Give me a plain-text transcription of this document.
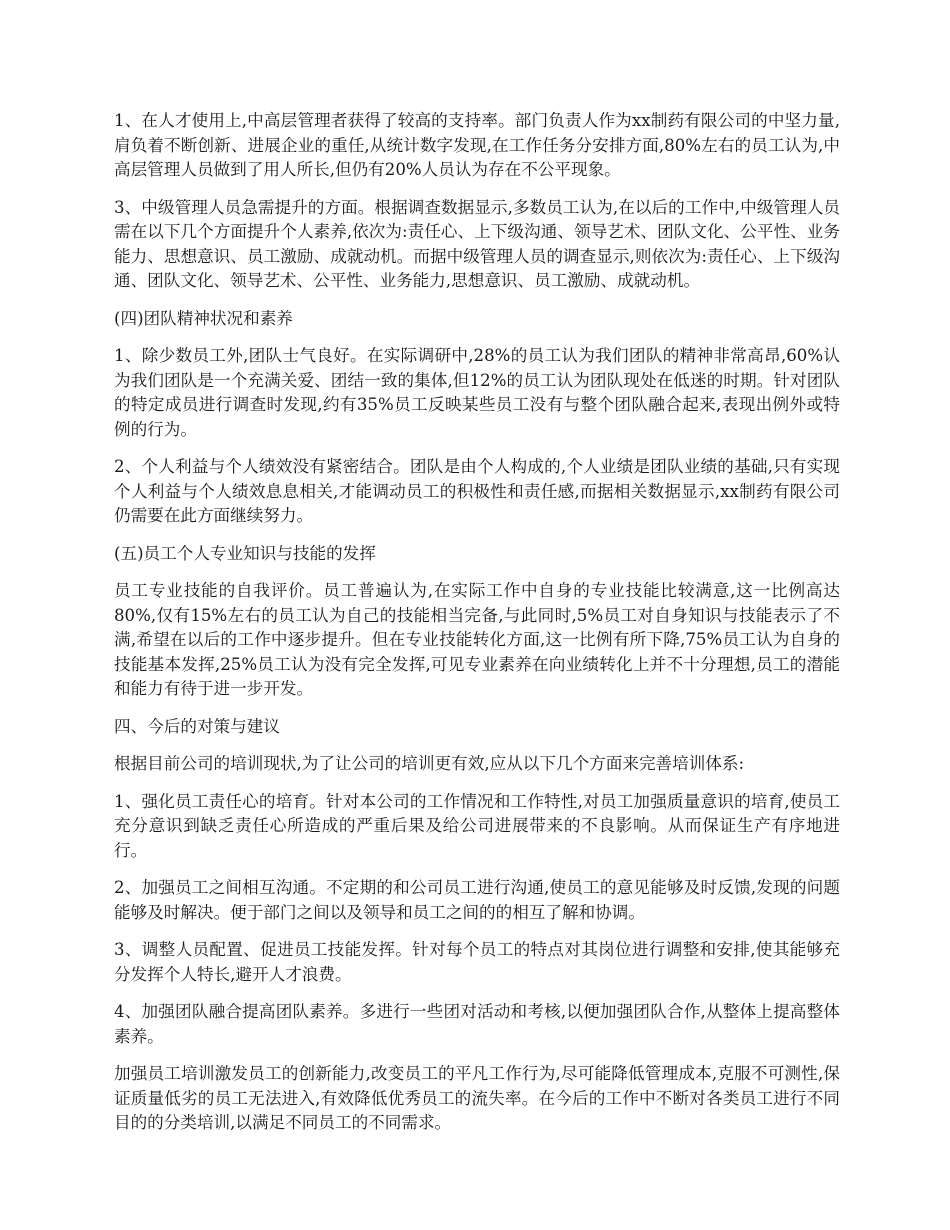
1、在人才使用上,中高层管理者获得了较高的支持率。部门负责人作为xx制药有限公司的中坚力量,肩负着不断创新、进展企业的重任,从统计数字发现,在工作任务分安排方面,80%左右的员工认为,中高层管理人员做到了用人所长,但仍有20%人员认为存在不公平现象。

3、中级管理人员急需提升的方面。根据调查数据显示,多数员工认为,在以后的工作中,中级管理人员需在以下几个方面提升个人素养,依次为:责任心、上下级沟通、领导艺术、团队文化、公平性、业务能力、思想意识、员工激励、成就动机。而据中级管理人员的调查显示,则依次为:责任心、上下级沟通、团队文化、领导艺术、公平性、业务能力,思想意识、员工激励、成就动机。

(四)团队精神状况和素养

1、除少数员工外,团队士气良好。在实际调研中,28%的员工认为我们团队的精神非常高昂,60%认为我们团队是一个充满关爱、团结一致的集体,但12%的员工认为团队现处在低迷的时期。针对团队的特定成员进行调查时发现,约有35%员工反映某些员工没有与整个团队融合起来,表现出例外或特例的行为。

2、个人利益与个人绩效没有紧密结合。团队是由个人构成的,个人业绩是团队业绩的基础,只有实现个人利益与个人绩效息息相关,才能调动员工的积极性和责任感,而据相关数据显示,xx制药有限公司仍需要在此方面继续努力。

(五)员工个人专业知识与技能的发挥

员工专业技能的自我评价。员工普遍认为,在实际工作中自身的专业技能比较满意,这一比例高达80%,仅有15%左右的员工认为自己的技能相当完备,与此同时,5%员工对自身知识与技能表示了不满,希望在以后的工作中逐步提升。但在专业技能转化方面,这一比例有所下降,75%员工认为自身的技能基本发挥,25%员工认为没有完全发挥,可见专业素养在向业绩转化上并不十分理想,员工的潜能和能力有待于进一步开发。

四、今后的对策与建议

根据目前公司的培训现状,为了让公司的培训更有效,应从以下几个方面来完善培训体系:

1、强化员工责任心的培育。针对本公司的工作情况和工作特性,对员工加强质量意识的培育,使员工充分意识到缺乏责任心所造成的严重后果及给公司进展带来的不良影响。从而保证生产有序地进行。

2、加强员工之间相互沟通。不定期的和公司员工进行沟通,使员工的意见能够及时反馈,发现的问题能够及时解决。便于部门之间以及领导和员工之间的的相互了解和协调。

3、调整人员配置、促进员工技能发挥。针对每个员工的特点对其岗位进行调整和安排,使其能够充分发挥个人特长,避开人才浪费。

4、加强团队融合提高团队素养。多进行一些团对活动和考核,以便加强团队合作,从整体上提高整体素养。

加强员工培训激发员工的创新能力,改变员工的平凡工作行为,尽可能降低管理成本,克服不可测性,保证质量低劣的员工无法进入,有效降低优秀员工的流失率。在今后的工作中不断对各类员工进行不同目的的分类培训,以满足不同员工的不同需求。
